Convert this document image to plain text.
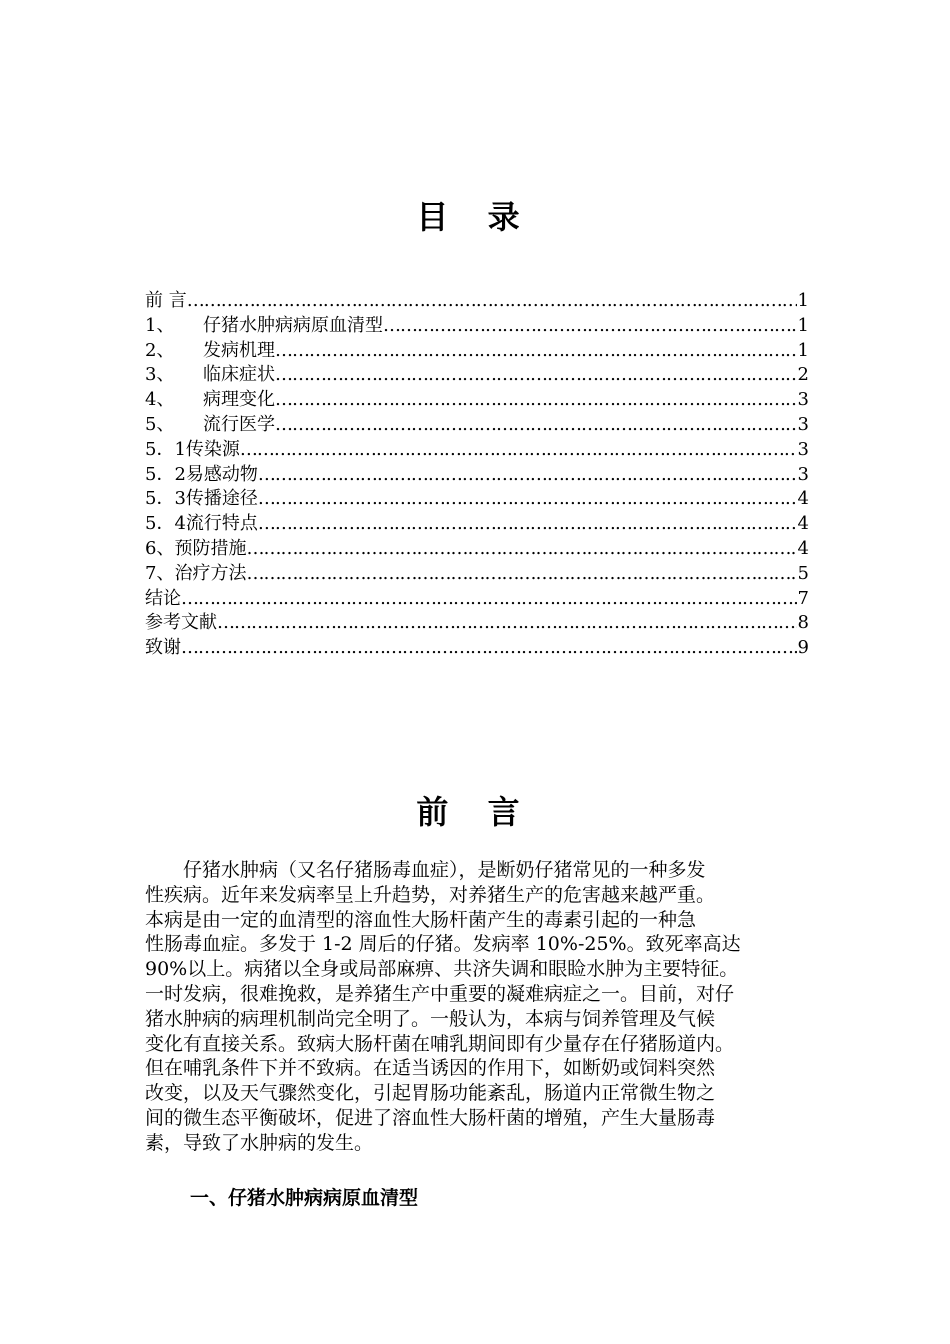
目 录
前 言 …………………………………………………………………………………………………………………………………………	1
1、	仔猪水肿病病原血清型 …………………………………………………………………………………………………………………………………………	1
2、	发病机理 …………………………………………………………………………………………………………………………………………	1
3、	临床症状 …………………………………………………………………………………………………………………………………………	2
4、	病理变化 …………………………………………………………………………………………………………………………………………	3
5、	流行医学 …………………………………………………………………………………………………………………………………………	3
5．1 传染源 …………………………………………………………………………………………………………………………………………	3
5．2 易感动物 …………………………………………………………………………………………………………………………………………	3
5．3 传播途径 …………………………………………………………………………………………………………………………………………	4
5．4 流行特点 …………………………………………………………………………………………………………………………………………	4
6、 预防措施 …………………………………………………………………………………………………………………………………………	4
7、 治疗方法 …………………………………………………………………………………………………………………………………………	5
结论 …………………………………………………………………………………………………………………………………………	7
参考文献 …………………………………………………………………………………………………………………………………………	8
致谢 …………………………………………………………………………………………………………………………………………	9
前 言
　　仔猪水肿病（又名仔猪肠毒血症），是断奶仔猪常见的一种多发
性疾病。近年来发病率呈上升趋势，对养猪生产的危害越来越严重。
本病是由一定的血清型的溶血性大肠杆菌产生的毒素引起的一种急
性肠毒血症。多发于 1-2 周后的仔猪。发病率 10%-25%。致死率高达
90%以上。病猪以全身或局部麻痹、共济失调和眼睑水肿为主要特征。
一时发病，很难挽救，是养猪生产中重要的凝难病症之一。目前，对仔
猪水肿病的病理机制尚完全明了。一般认为，本病与饲养管理及气候
变化有直接关系。致病大肠杆菌在哺乳期间即有少量存在仔猪肠道内。
但在哺乳条件下并不致病。在适当诱因的作用下，如断奶或饲料突然
改变，以及天气骤然变化，引起胃肠功能紊乱，肠道内正常微生物之
间的微生态平衡破坏，促进了溶血性大肠杆菌的增殖，产生大量肠毒
素，导致了水肿病的发生。
一、仔猪水肿病病原血清型
